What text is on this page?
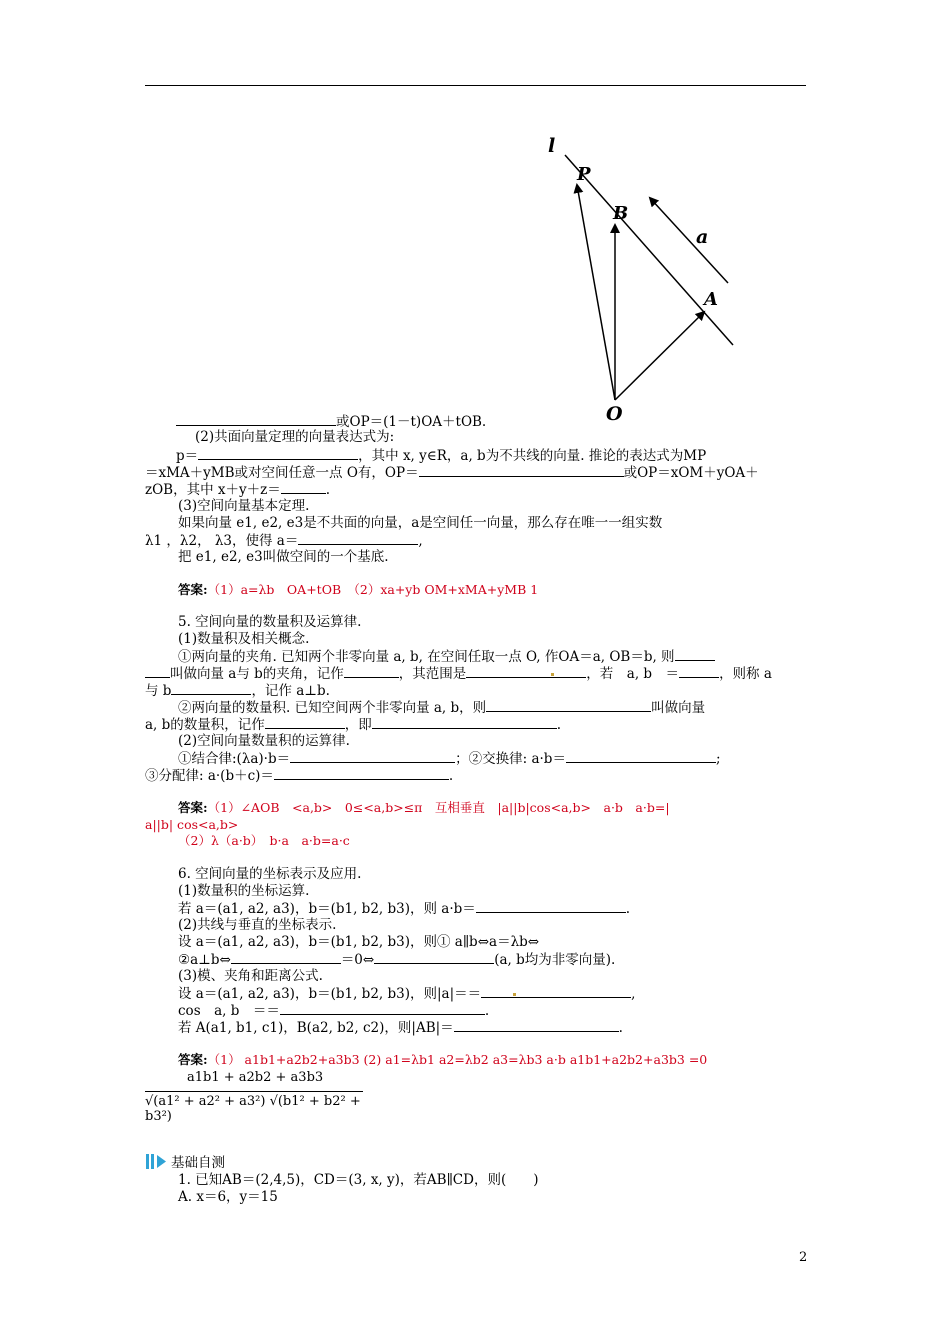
l
P
B
A
O
a
或OP＝(1－t)OA＋tOB.
(2)共面向量定理的向量表达式为:
p＝	，其中 x, y∈R，a, b为不共线的向量. 推论的表达式为MP
＝xMA＋yMB或对空间任意一点 O有，OP＝	或OP＝xOM＋yOA＋
zOB，其中 x＋y＋z＝	.
(3)空间向量基本定理.
如果向量 e1, e2, e3是不共面的向量，a是空间任一向量，那么存在唯一一组实数
λ1 ，λ2， λ3，使得 a＝	,
把 e1, e2, e3叫做空间的一个基底.
答案:（1）a=λb　OA+tOB　（2）xa+yb OM+xMA+yMB 1
5. 空间向量的数量积及运算律.
(1)数量积及相关概念.
①两向量的夹角. 已知两个非零向量 a, b, 在空间任取一点 O, 作OA＝a, OB＝b, 则
叫做向量 a与 b的夹角，记作	，其范围是	，若　a, b　＝	，则称 a
与 b	，记作 a⊥b.
②两向量的数量积. 已知空间两个非零向量 a, b，则	叫做向量
a, b的数量积，记作	，即	.
(2)空间向量数量积的运算律.
①结合律:(λa)·b＝	；②交换律: a·b＝	;
③分配律: a·(b＋c)＝	.
答案:（1）∠AOB　<a,b>　0≤<a,b>≤π　互相垂直　|a||b|cos<a,b>　a·b　a·b=|
a||b| cos<a,b>
（2）λ（a·b）　b·a　a·b=a·c
6. 空间向量的坐标表示及应用.
(1)数量积的坐标运算.
若 a＝(a1, a2, a3)，b＝(b1, b2, b3)，则 a·b＝	.
(2)共线与垂直的坐标表示.
设 a＝(a1, a2, a3)，b＝(b1, b2, b3)，则① a∥b⇔a＝λb⇔
②a⊥b⇔	＝0⇔	(a, b均为非零向量).
(3)模、夹角和距离公式.
设 a＝(a1, a2, a3)，b＝(b1, b2, b3)，则|a|＝＝	,
cos　a, b　＝＝	.
若 A(a1, b1, c1)，B(a2, b2, c2)，则|AB|＝	.
答案:（1） a1b1+a2b2+a3b3 (2) a1=λb1 a2=λb2 a3=λb3 a·b a1b1+a2b2+a3b3 =0
a1b1 + a2b2 + a3b3
√(a1² + a2² + a3²) √(b1² + b2² + b3²)
基础自测
1. 已知AB＝(2,4,5)，CD＝(3, x, y)，若AB∥CD，则(　　)
A. x＝6，y＝15
2
